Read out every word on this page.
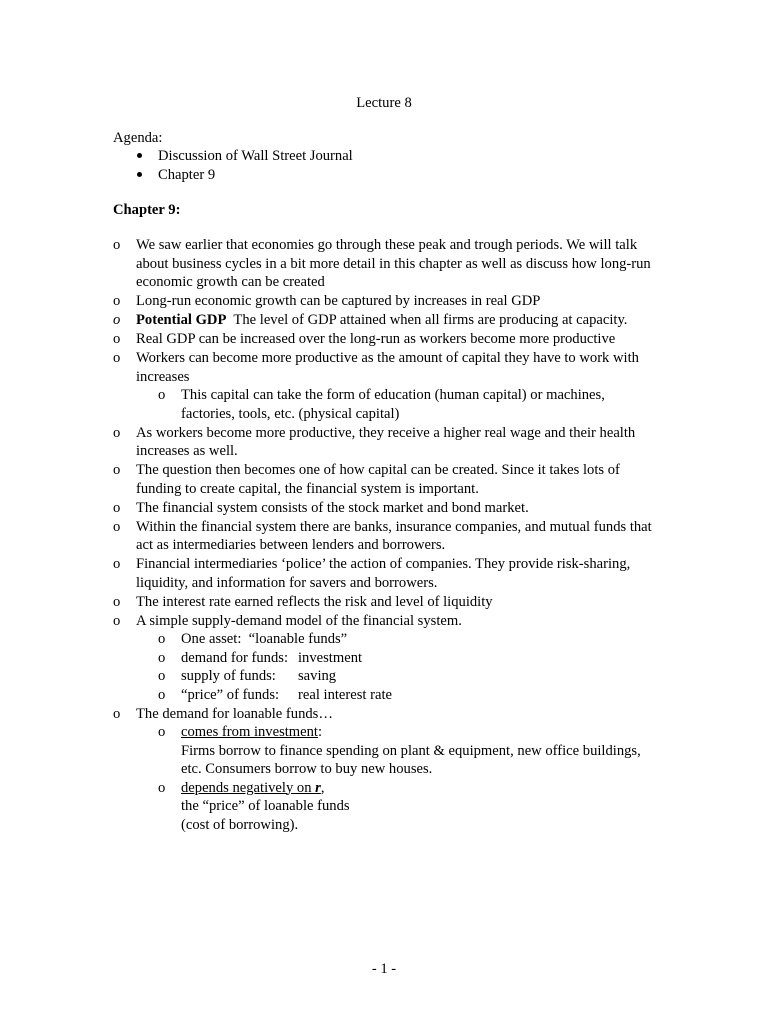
Lecture 8
Agenda:
Discussion of Wall Street Journal
Chapter 9
Chapter 9:
o We saw earlier that economies go through these peak and trough periods. We will talk about business cycles in a bit more detail in this chapter as well as discuss how long-run economic growth can be created
o Long-run economic growth can be captured by increases in real GDP
o Potential GDP  The level of GDP attained when all firms are producing at capacity.
o Real GDP can be increased over the long-run as workers become more productive
o Workers can become more productive as the amount of capital they have to work with increases
o This capital can take the form of education (human capital) or machines, factories, tools, etc. (physical capital)
o As workers become more productive, they receive a higher real wage and their health increases as well.
o The question then becomes one of how capital can be created. Since it takes lots of funding to create capital, the financial system is important.
o The financial system consists of the stock market and bond market.
o Within the financial system there are banks, insurance companies, and mutual funds that act as intermediaries between lenders and borrowers.
o Financial intermediaries ‘police’ the action of companies. They provide risk-sharing, liquidity, and information for savers and borrowers.
o The interest rate earned reflects the risk and level of liquidity
o A simple supply-demand model of the financial system.
o One asset:  “loanable funds”
o demand for funds: investment
o supply of funds: saving
o “price” of funds: real interest rate
o The demand for loanable funds…
o comes from investment:
Firms borrow to finance spending on plant & equipment, new office buildings, etc. Consumers borrow to buy new houses.
o depends negatively on r,
the “price” of loanable funds
(cost of borrowing).
- 1 -
